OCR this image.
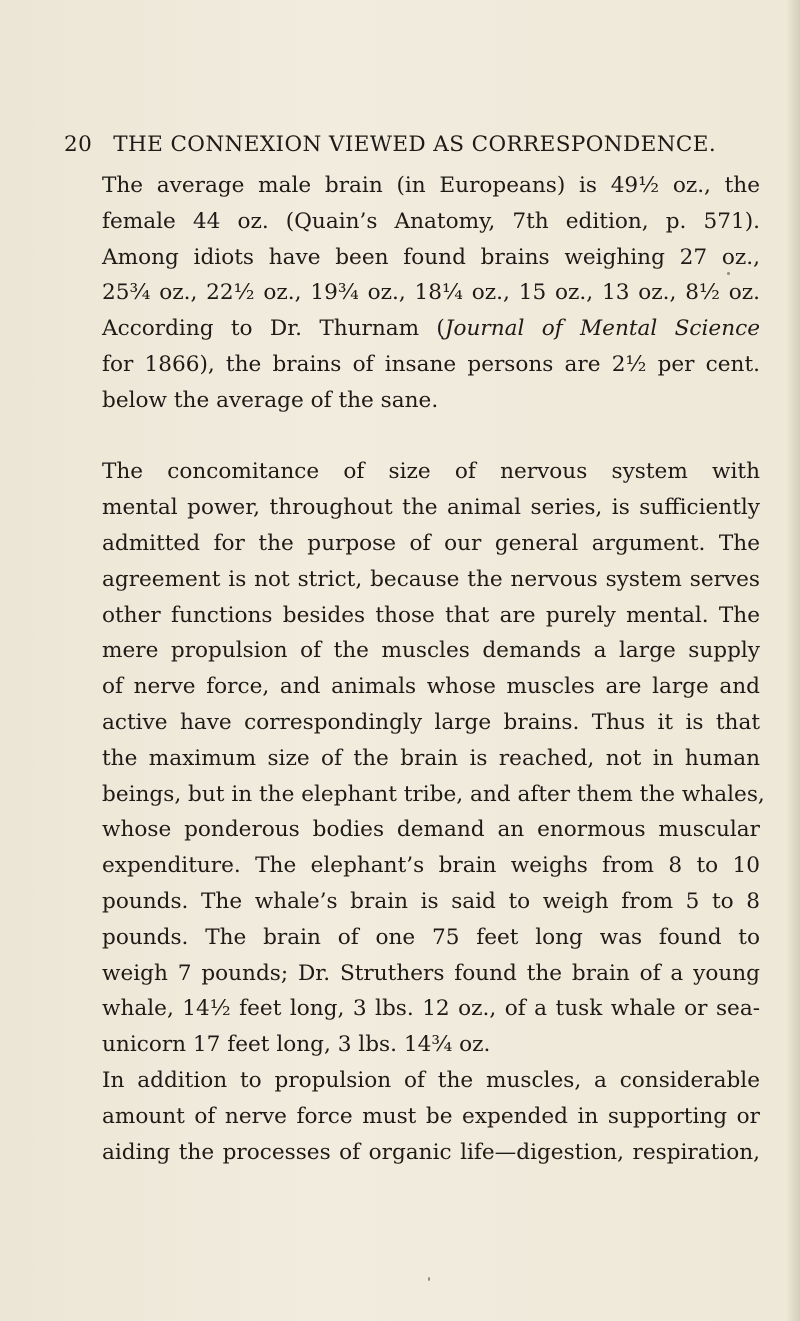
20 THE CONNEXION VIEWED AS CORRESPONDENCE.
The average male brain (in Europeans) is 49½ oz., the
female 44 oz. (Quain’s Anatomy, 7th edition, p. 571).
Among idiots have been found brains weighing 27 oz.,
25¾ oz., 22½ oz., 19¾ oz., 18¼ oz., 15 oz., 13 oz., 8½ oz.
According to Dr. Thurnam (Journal of Mental Science
for 1866), the brains of insane persons are 2½ per cent.
below the average of the sane.
The concomitance of size of nervous system with
mental power, throughout the animal series, is sufficiently
admitted for the purpose of our general argument. The
agreement is not strict, because the nervous system serves
other functions besides those that are purely mental. The
mere propulsion of the muscles demands a large supply
of nerve force, and animals whose muscles are large and
active have correspondingly large brains. Thus it is that
the maximum size of the brain is reached, not in human
beings, but in the elephant tribe, and after them the whales,
whose ponderous bodies demand an enormous muscular
expenditure. The elephant’s brain weighs from 8 to 10
pounds. The whale’s brain is said to weigh from 5 to 8
pounds. The brain of one 75 feet long was found to
weigh 7 pounds; Dr. Struthers found the brain of a young
whale, 14½ feet long, 3 lbs. 12 oz., of a tusk whale or sea-
unicorn 17 feet long, 3 lbs. 14¾ oz.
In addition to propulsion of the muscles, a considerable
amount of nerve force must be expended in supporting or
aiding the processes of organic life—digestion, respiration,
